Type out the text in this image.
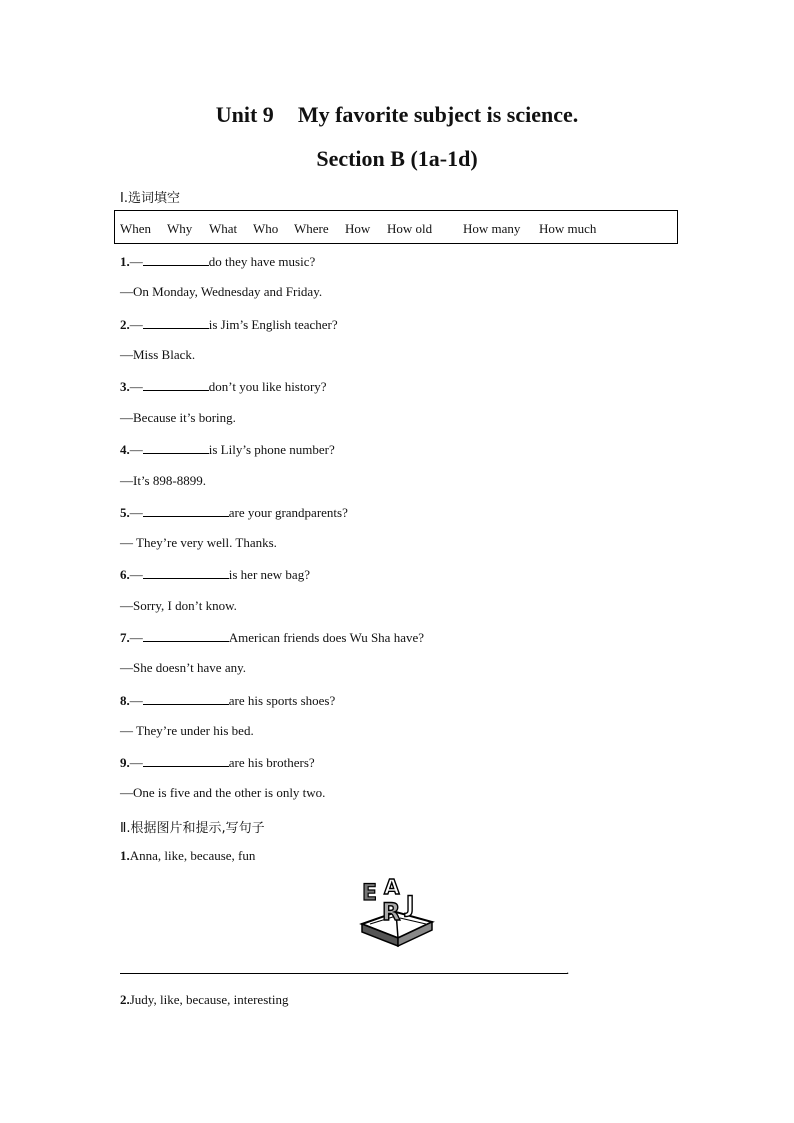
Unit 9 My favorite subject is science.
Section B (1a-1d)
Ⅰ.选词填空
When Why What Who Where How How old How many How much
1.—	do they have music?
—On Monday, Wednesday and Friday.
2.—	is Jim’s English teacher?
—Miss Black.
3.—	don’t you like history?
—Because it’s boring.
4.—	is Lily’s phone number?
—It’s 898-8899.
5.—	are your grandparents?
— They’re very well. Thanks.
6.—	is her new bag?
—Sorry, I don’t know.
7.—	American friends does Wu Sha have?
—She doesn’t have any.
8.—	are his sports shoes?
— They’re under his bed.
9.—	are his brothers?
—One is five and the other is only two.
Ⅱ.根据图片和提示,写句子
1.Anna, like, because, fun
E A
R J
.
2.Judy, like, because, interesting
